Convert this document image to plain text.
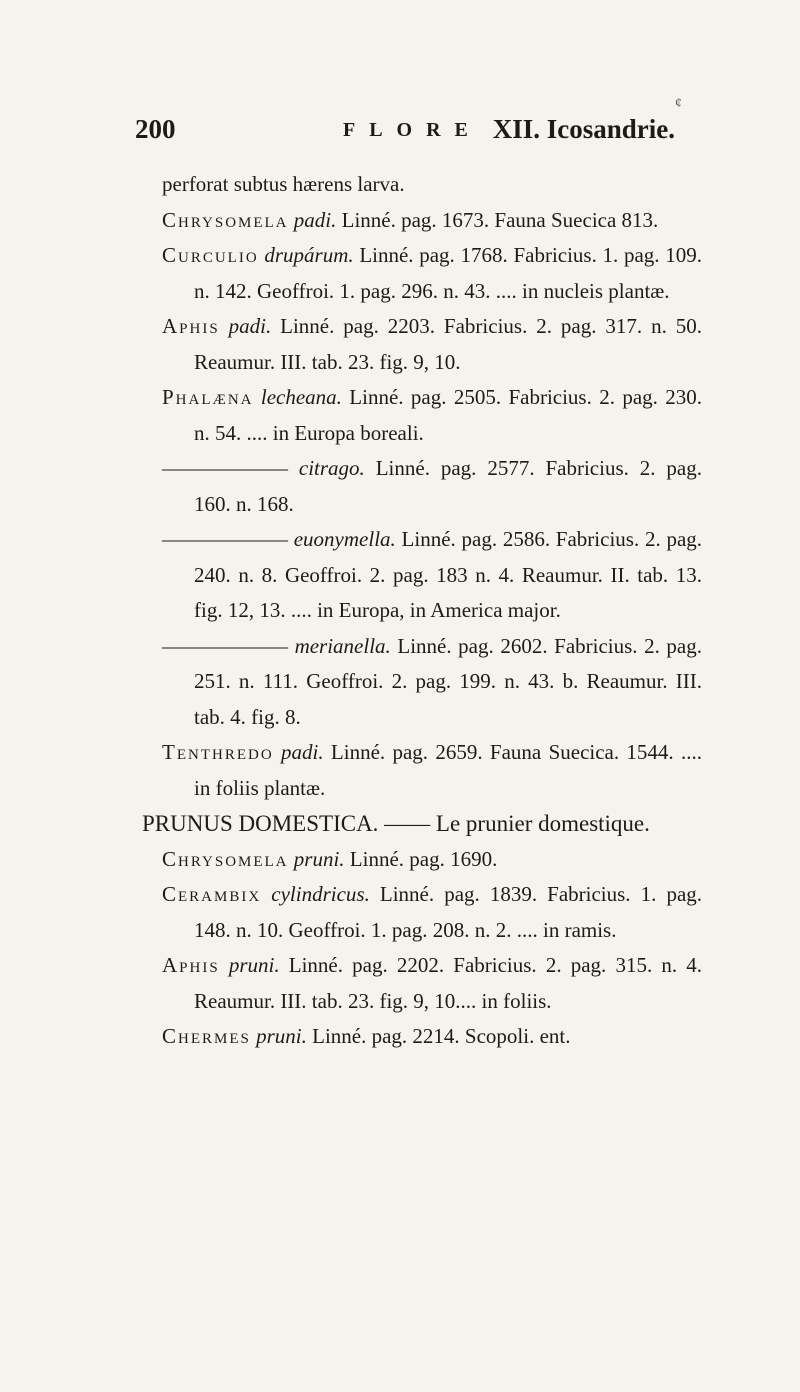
¢
200	FLORE XII. Icosandrie.
perforat subtus hærens larva.
Chrysomela padi. Linné. pag. 1673. Fauna Suecica 813.
Curculio drupárum. Linné. pag. 1768. Fabricius. 1. pag. 109. n. 142. Geoffroi. 1. pag. 296. n. 43. .... in nucleis plantæ.
Aphis padi. Linné. pag. 2203. Fabricius. 2. pag. 317. n. 50. Reaumur. III. tab. 23. fig. 9, 10.
Phalæna lecheana. Linné. pag. 2505. Fabricius. 2. pag. 230. n. 54. .... in Europa boreali.
—————— citrago. Linné. pag. 2577. Fabricius. 2. pag. 160. n. 168.
—————— euonymella. Linné. pag. 2586. Fabricius. 2. pag. 240. n. 8. Geoffroi. 2. pag. 183 n. 4. Reaumur. II. tab. 13. fig. 12, 13. .... in Europa, in America major.
—————— merianella. Linné. pag. 2602. Fabricius. 2. pag. 251. n. 111. Geoffroi. 2. pag. 199. n. 43. b. Reaumur. III. tab. 4. fig. 8.
Tenthredo padi. Linné. pag. 2659. Fauna Suecica. 1544. .... in foliis plantæ.
PRUNUS DOMESTICA. —— Le prunier domestique.
Chrysomela pruni. Linné. pag. 1690.
Cerambix cylindricus. Linné. pag. 1839. Fabricius. 1. pag. 148. n. 10. Geoffroi. 1. pag. 208. n. 2. .... in ramis.
Aphis pruni. Linné. pag. 2202. Fabricius. 2. pag. 315. n. 4. Reaumur. III. tab. 23. fig. 9, 10.... in foliis.
Chermes pruni. Linné. pag. 2214. Scopoli. ent.
